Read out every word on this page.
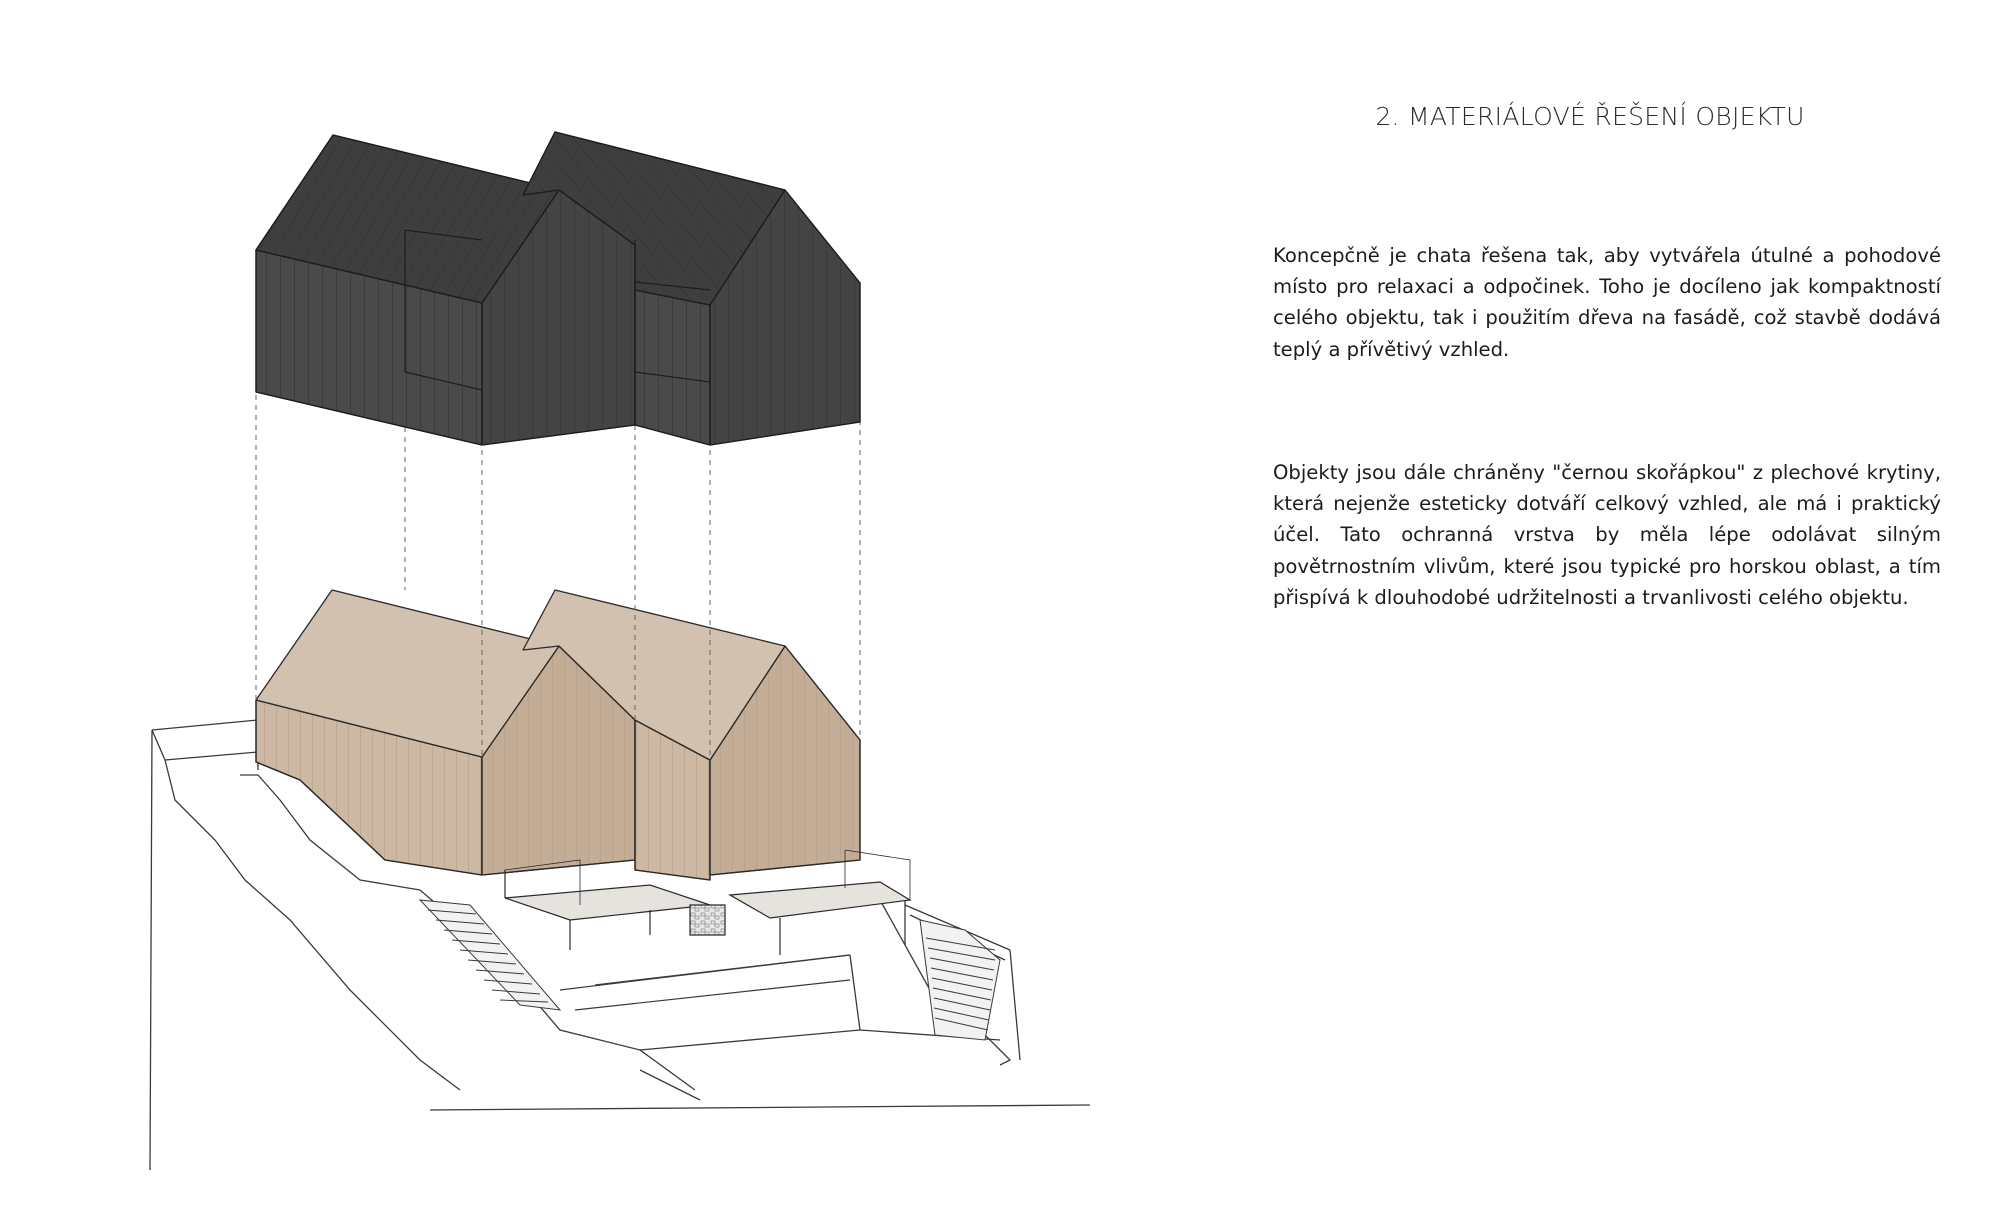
2. MATERIÁLOVÉ ŘEŠENÍ OBJEKTU

Koncepčně je chata řešena tak, aby vytvářela útulné a pohodové místo pro relaxaci a odpočinek. Toho je docíleno jak kompaktností celého objektu, tak i použitím dřeva na fasádě, což stavbě dodává teplý a přívětivý vzhled.

Objekty jsou dále chráněny "černou skořápkou" z plechové krytiny, která nejenže esteticky dotváří celkový vzhled, ale má i praktický účel. Tato ochranná vrstva by měla lépe odolávat silným povětrnostním vlivům, které jsou typické pro horskou oblast, a tím přispívá k dlouhodobé udržitelnosti a trvanlivosti celého objektu.
